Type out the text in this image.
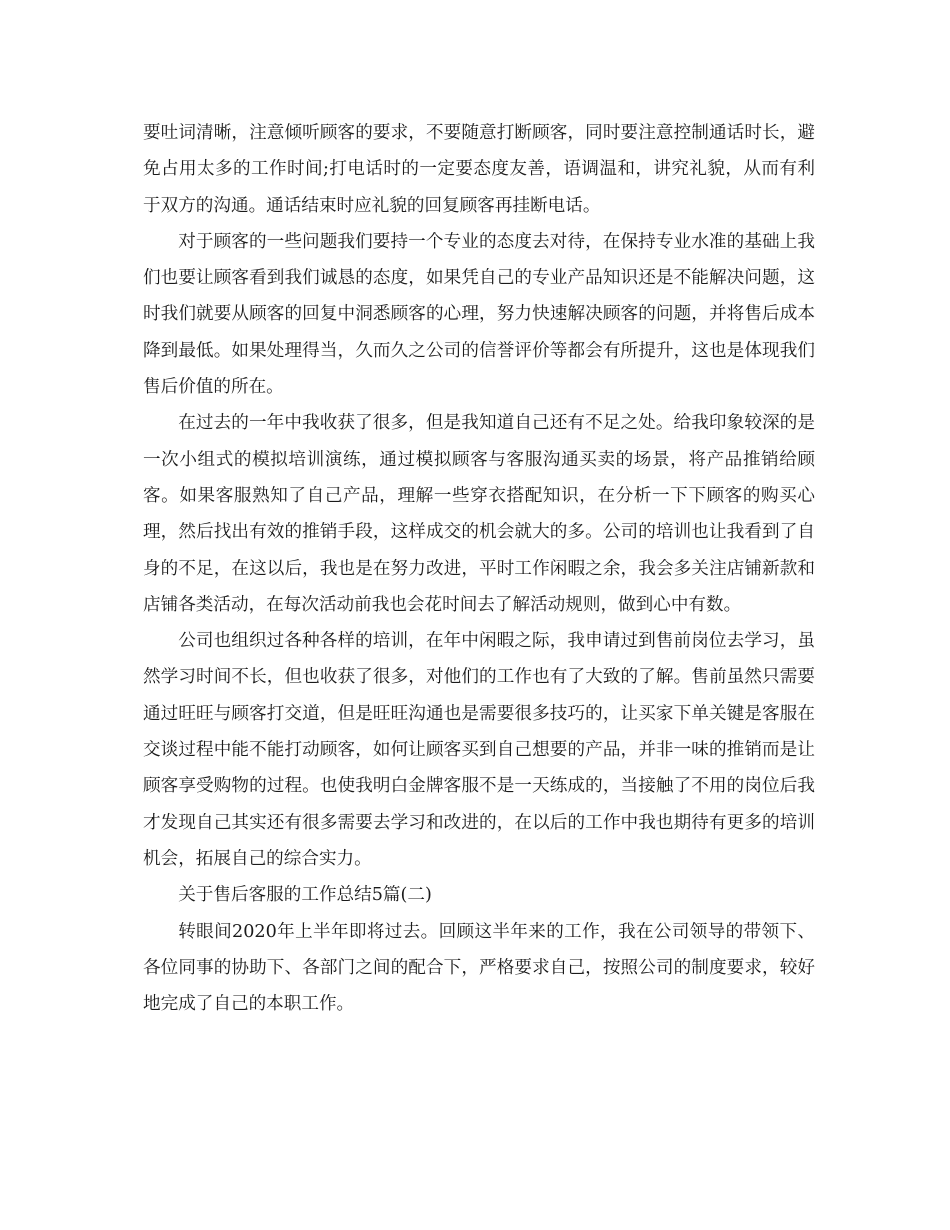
要吐词清晰，注意倾听顾客的要求，不要随意打断顾客，同时要注意控制通话时长，避免占用太多的工作时间;打电话时的一定要态度友善，语调温和，讲究礼貌，从而有利于双方的沟通。通话结束时应礼貌的回复顾客再挂断电话。

对于顾客的一些问题我们要持一个专业的态度去对待，在保持专业水准的基础上我们也要让顾客看到我们诚恳的态度，如果凭自己的专业产品知识还是不能解决问题，这时我们就要从顾客的回复中洞悉顾客的心理，努力快速解决顾客的问题，并将售后成本降到最低。如果处理得当，久而久之公司的信誉评价等都会有所提升，这也是体现我们售后价值的所在。

在过去的一年中我收获了很多，但是我知道自己还有不足之处。给我印象较深的是一次小组式的模拟培训演练，通过模拟顾客与客服沟通买卖的场景，将产品推销给顾客。如果客服熟知了自己产品，理解一些穿衣搭配知识，在分析一下下顾客的购买心理，然后找出有效的推销手段，这样成交的机会就大的多。公司的培训也让我看到了自身的不足，在这以后，我也是在努力改进，平时工作闲暇之余，我会多关注店铺新款和店铺各类活动，在每次活动前我也会花时间去了解活动规则，做到心中有数。

公司也组织过各种各样的培训，在年中闲暇之际，我申请过到售前岗位去学习，虽然学习时间不长，但也收获了很多，对他们的工作也有了大致的了解。售前虽然只需要通过旺旺与顾客打交道，但是旺旺沟通也是需要很多技巧的，让买家下单关键是客服在交谈过程中能不能打动顾客，如何让顾客买到自己想要的产品，并非一味的推销而是让顾客享受购物的过程。也使我明白金牌客服不是一天练成的，当接触了不用的岗位后我才发现自己其实还有很多需要去学习和改进的，在以后的工作中我也期待有更多的培训机会，拓展自己的综合实力。

关于售后客服的工作总结5篇(二)

转眼间2020年上半年即将过去。回顾这半年来的工作，我在公司领导的带领下、各位同事的协助下、各部门之间的配合下，严格要求自己，按照公司的制度要求，较好地完成了自己的本职工作。
